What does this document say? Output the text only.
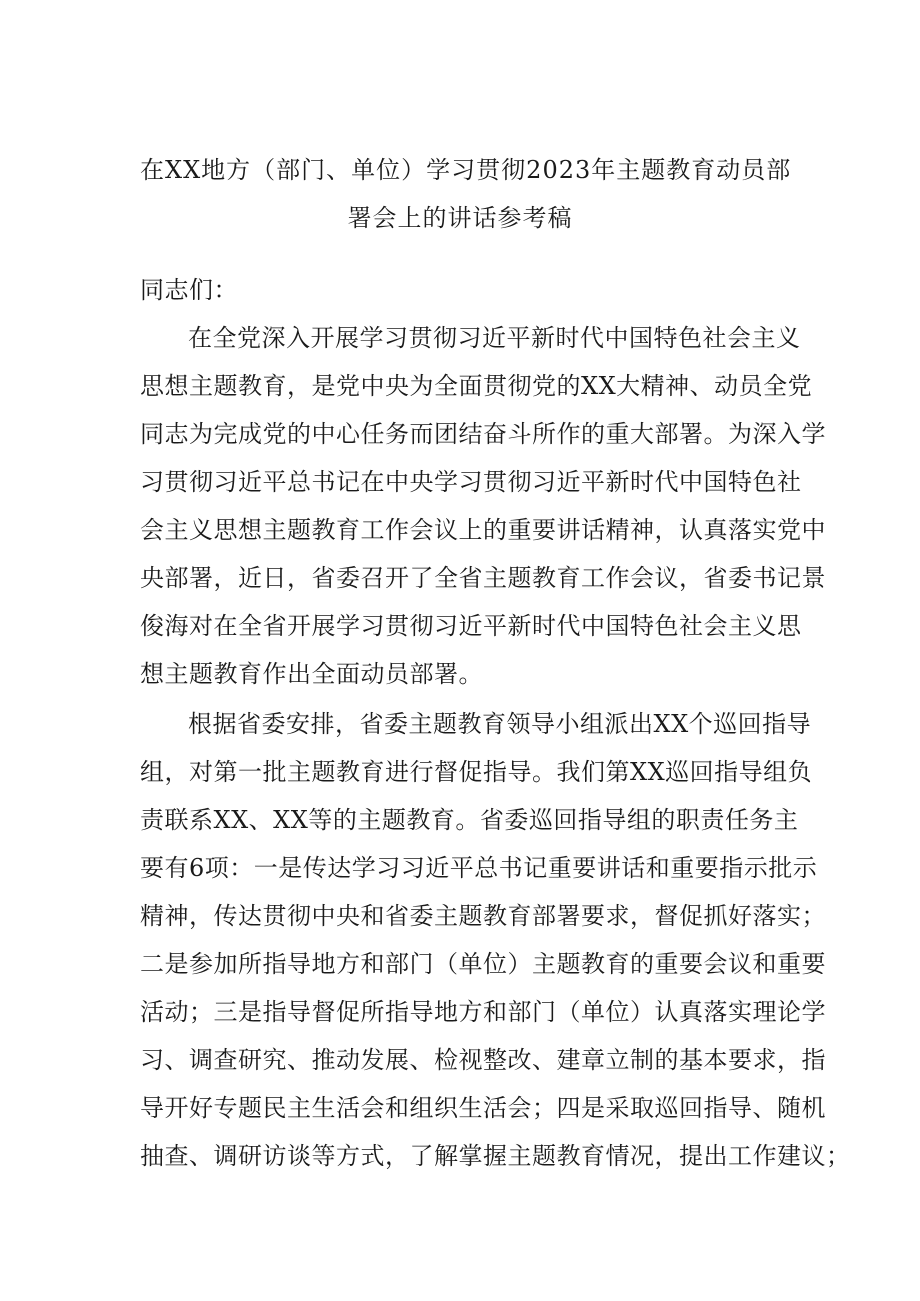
在XX地方（部门、单位）学习贯彻2023年主题教育动员部
署会上的讲话参考稿
同志们：
在全党深入开展学习贯彻习近平新时代中国特色社会主义
思想主题教育，是党中央为全面贯彻党的XX大精神、动员全党
同志为完成党的中心任务而团结奋斗所作的重大部署。为深入学
习贯彻习近平总书记在中央学习贯彻习近平新时代中国特色社
会主义思想主题教育工作会议上的重要讲话精神，认真落实党中
央部署，近日，省委召开了全省主题教育工作会议，省委书记景
俊海对在全省开展学习贯彻习近平新时代中国特色社会主义思
想主题教育作出全面动员部署。
根据省委安排，省委主题教育领导小组派出XX个巡回指导
组，对第一批主题教育进行督促指导。我们第XX巡回指导组负
责联系XX、XX等的主题教育。省委巡回指导组的职责任务主
要有6项：一是传达学习习近平总书记重要讲话和重要指示批示
精神，传达贯彻中央和省委主题教育部署要求，督促抓好落实；
二是参加所指导地方和部门（单位）主题教育的重要会议和重要
活动；三是指导督促所指导地方和部门（单位）认真落实理论学
习、调查研究、推动发展、检视整改、建章立制的基本要求，指
导开好专题民主生活会和组织生活会；四是采取巡回指导、随机
抽查、调研访谈等方式，了解掌握主题教育情况，提出工作建议；
